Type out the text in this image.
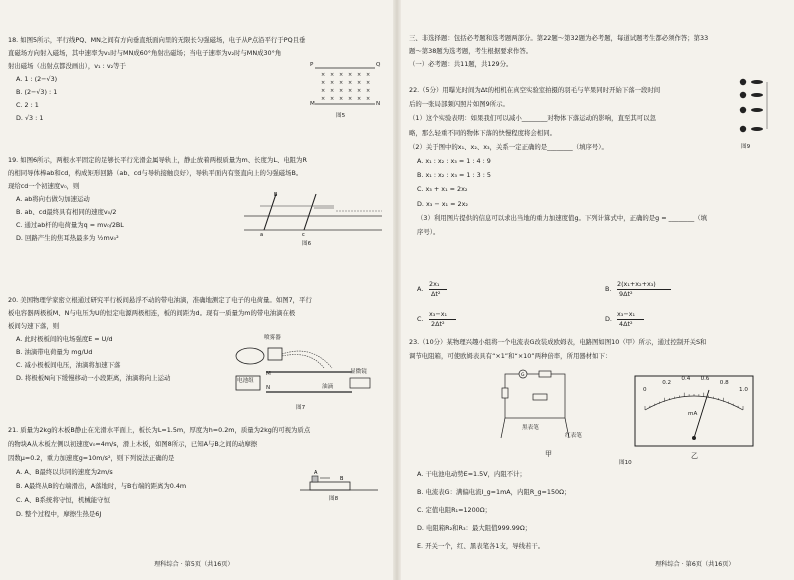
18. 如图5所示，平行线PQ、MN之间有方向垂直纸面向里的无限长匀强磁场，电子从P点沿平行于PQ且垂
直磁场方向射入磁场，其中速率为v₁时与MN成60°角射出磁场；当电子速率为v₂时与MN成30°角
射出磁场（出射点都没画出），v₁ : v₂等于
A. 1 : (2−√3)
B. (2−√3) : 1
C. 2 : 1
D. √3 : 1
× × × × × ×
× × × × × ×
× × × × × ×
× × × × × ×
P	Q
M	N
图5
19. 如图6所示，两根水平固定的足够长平行光滑金属导轨上，静止放着两根质量为m、长度为L、电阻为R
的相同导体棒ab和cd，构成矩形回路（ab、cd与导轨接触良好），导轨平面内有竖直向上的匀强磁场B。
现给cd一个初速度v₀，则
A. ab将向右做匀加速运动
B. ab、cd最终具有相同的速度v₀/2
C. 通过ab杆的电荷量为q = mv₀/2BL
D. 回路产生的焦耳热最多为 ½mv₀²
B
a	c
图6
20. 美国物理学家密立根通过研究平行板间悬浮不动的带电油滴，准确地测定了电子的电荷量。如图7，平行
板电容器两极板M、N与电压为U的恒定电源两极相连，板的间距为d。现有一质量为m的带电油滴在极
板间匀速下落，则
A. 此时极板间的电场强度E = U/d
B. 油滴带电荷量为 mg/Ud
C. 减小极板间电压，油滴将加速下落
D. 将极板N向下缓慢移动一小段距离，油滴将向上运动
喷雾器
电池组
显微镜
油滴
M
N
图7
21. 质量为2kg的木板B静止在光滑水平面上，板长为L=1.5m，厚度为h=0.2m，质量为2kg的可视为质点
的物块A从木板左侧以初速度v₀=4m/s，滑上木板，如图8所示，已知A与B之间的动摩擦
因数μ=0.2，重力加速度g=10m/s²，则下列说法正确的是
A. A、B最终以共同的速度为2m/s
B. A最终从B的右端滑出，A落地时，与B右端的距离为0.4m
C. A、B系统将守恒，机械能守恒
D. 整个过程中，摩擦生热是6J
A
B
图8
理科综合 · 第5页（共16页）
三、非选择题：包括必考题和选考题两部分。第22题～第32题为必考题，每道试题考生都必须作答；第33
题～第38题为选考题，考生根据要求作答。
（一）必考题：共11题，共129分。
22.（5分）用曝光时间为Δt的相机在真空实验室拍摄的羽毛与苹果同时开始下落一段时间
后的一张局部频闪照片如图9所示。
（1）这个实验表明：如果我们可以减小________对物体下落运动的影响，直至其可以忽
略，那么轻重不同的物体下落的快慢程度将会相同。
（2）关于图中的x₁、x₂、x₃，关系一定正确的是________（填序号）。
A. x₁ : x₂ : x₃ = 1 : 4 : 9
B. x₁ : x₂ : x₃ = 1 : 3 : 5
C. x₃ + x₁ = 2x₂
D. x₃ − x₁ = 2x₂
（3）利用图片提供的信息可以求出当地的重力加速度值g。下列计算式中，正确的是g = ________（填
序号）。
图9
A.
2x₁
Δt²
B.
2(x₁+x₂+x₃)
9Δt²
C.
x₃−x₁
2Δt²
D.
x₃−x₁
4Δt²
23.（10分）某物理兴趣小组将一个电流表G改装成欧姆表，电路图如图10（甲）所示，通过控制开关S和
调节电阻箱，可使欧姆表具有“×1”和“×10”两种倍率，所用器材如下：
G
黑表笔
红表笔
甲
mA
0
0.2
0.4 0.6
0.8
1.0
乙
图10
A. 干电池电动势E=1.5V，内阻不计；
B. 电流表G：满偏电流I_g=1mA，内阻R_g=150Ω；
C. 定值电阻R₁=1200Ω；
D. 电阻箱R₂和R₃：最大阻值999.99Ω；
E. 开关一个，红、黑表笔各1支，导线若干。
理科综合 · 第6页（共16页）
